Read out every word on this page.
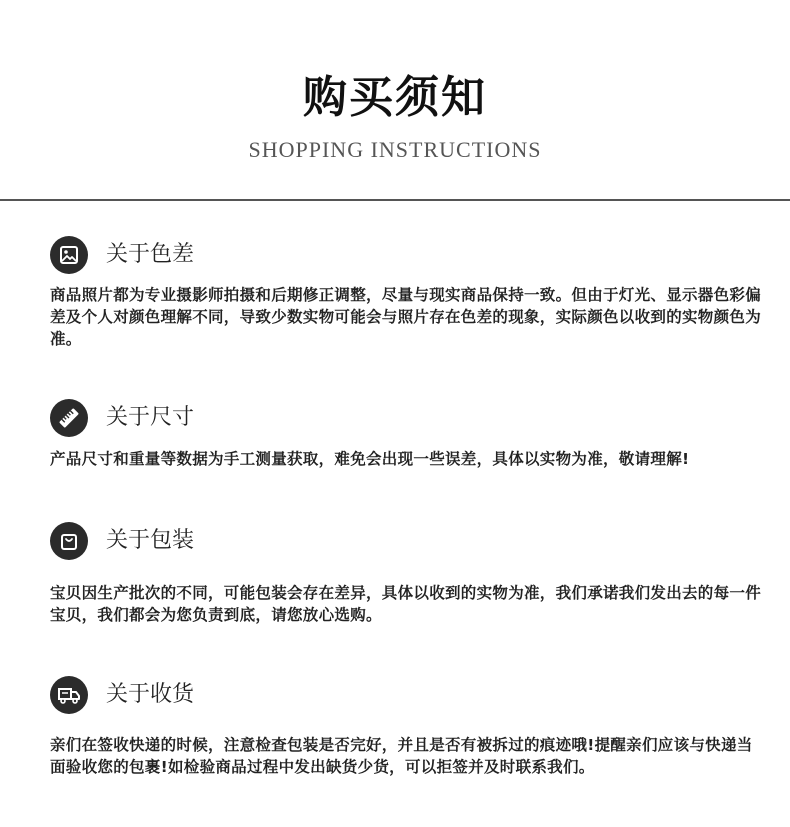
购买须知
SHOPPING INSTRUCTIONS
关于色差
商品照片都为专业摄影师拍摄和后期修正调整，尽量与现实商品保持一致。但由于灯光、显示器色彩偏差及个人对颜色理解不同，导致少数实物可能会与照片存在色差的现象，实际颜色以收到的实物颜色为准。
关于尺寸
产品尺寸和重量等数据为手工测量获取，难免会出现一些误差，具体以实物为准，敬请理解!
关于包装
宝贝因生产批次的不同，可能包装会存在差异，具体以收到的实物为准，我们承诺我们发出去的每一件宝贝，我们都会为您负责到底，请您放心选购。
关于收货
亲们在签收快递的时候，注意检查包装是否完好，并且是否有被拆过的痕迹哦!提醒亲们应该与快递当面验收您的包裹!如检验商品过程中发出缺货少货，可以拒签并及时联系我们。
